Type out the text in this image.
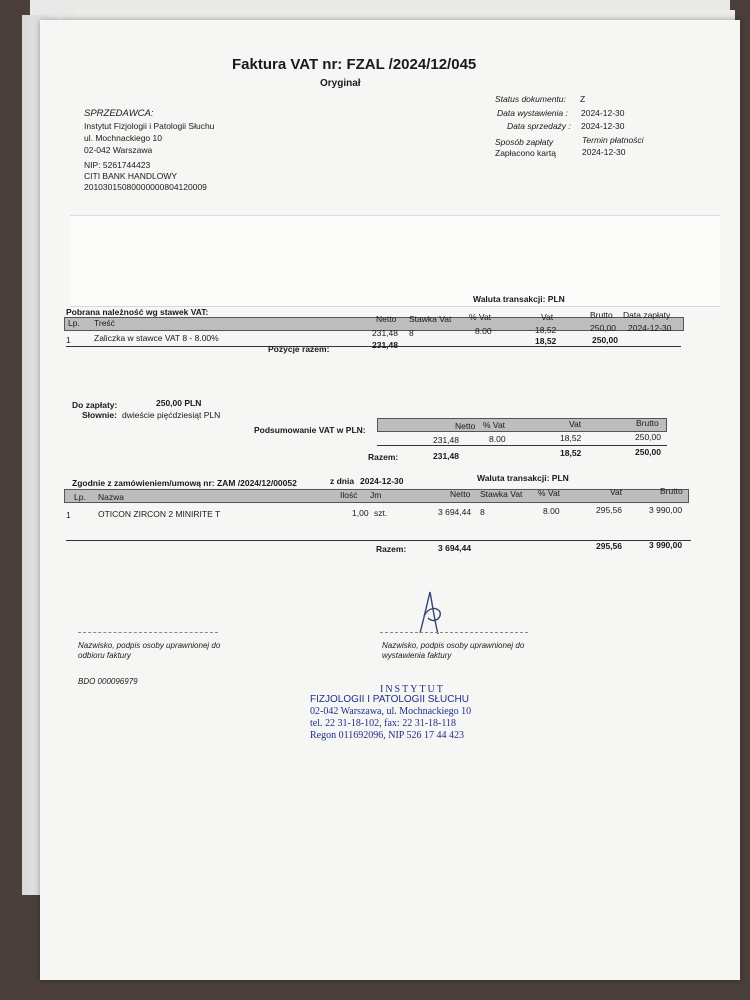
Faktura VAT nr: FZAL /2024/12/045
Oryginał
Status dokumentu: Z
Data wystawienia : 2024-12-30
Data sprzedaży : 2024-12-30
Sposób zapłaty
Zapłacono kartą
Termin płatności
2024-12-30
SPRZEDAWCA:
Instytut Fizjologii i Patologii Słuchu
ul. Mochnackiego 10
02-042 Warszawa
NIP: 5261744423
CITI BANK HANDLOWY
20103015080000000804120009
Pobrana należność wg stawek VAT:
Waluta transakcji: PLN
Lp. Treść	Netto Stawka Vat % Vat	Vat	Brutto Data zapłaty
1	Zaliczka w stawce VAT 8 - 8.00%	231,48 8	8.00	18,52	250,00 2024-12-30
Pozycje razem:	231,48	18,52	250,00
Do zapłaty:	250,00 PLN
Słownie: dwieście pięćdziesiąt PLN
Podsumowanie VAT w PLN:	Netto % Vat	Vat	Brutto
231,48	8.00	18,52	250,00
Razem:	231,48	18,52	250,00
Zgodnie z zamówieniem/umową nr: ZAM /2024/12/00052	z dnia 2024-12-30	Waluta transakcji: PLN
Lp. Nazwa	Ilość Jm	Netto Stawka Vat % Vat	Vat	Brutto
1	OTICON ZIRCON 2 MINIRITE T	1,00 szt.	3 694,44 8	8.00	295,56	3 990,00
Razem:	3 694,44	295,56	3 990,00
Nazwisko, podpis osoby uprawnionej do
odbioru faktury
Nazwisko, podpis osoby uprawnionej do
wystawienia faktury
BDO 000096979
INSTYTUT
FIZJOLOGII I PATOLOGII SŁUCHU
02-042 Warszawa, ul. Mochnackiego 10
tel. 22 31-18-102, fax: 22 31-18-118
Regon 011692096, NIP 526 17 44 423
